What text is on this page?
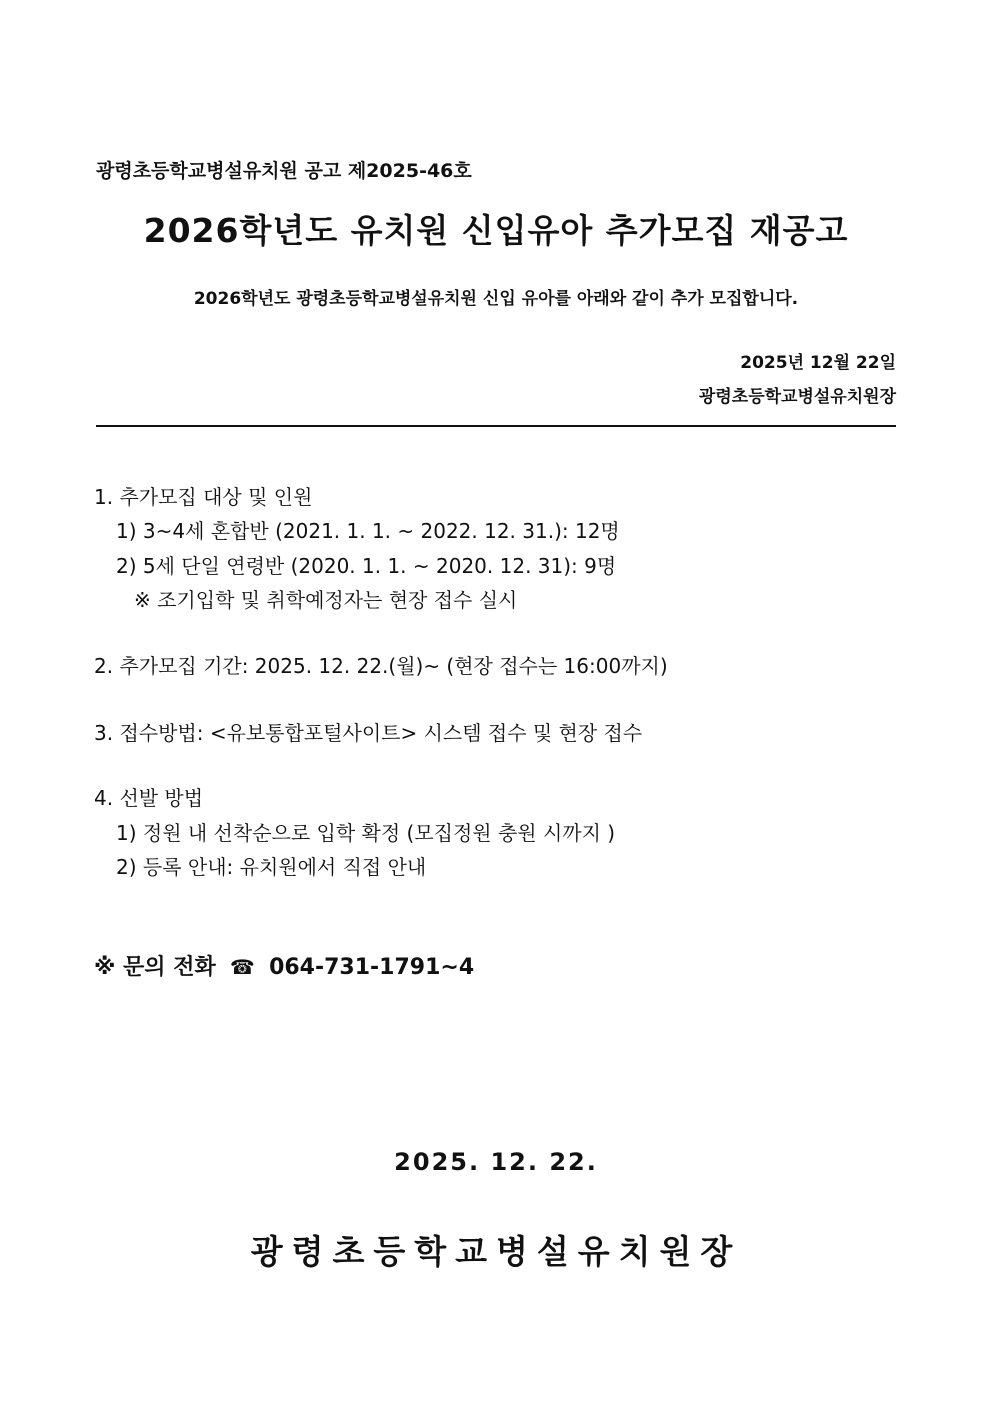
광령초등학교병설유치원 공고 제2025-46호
2026학년도 유치원 신입유아 추가모집 재공고
2026학년도 광령초등학교병설유치원 신입 유아를 아래와 같이 추가 모집합니다.
2025년 12월 22일
광령초등학교병설유치원장
1. 추가모집 대상 및 인원
1) 3~4세 혼합반 (2021. 1. 1. ~ 2022. 12. 31.): 12명
2) 5세 단일 연령반 (2020. 1. 1. ~ 2020. 12. 31): 9명
※ 조기입학 및 취학예정자는 현장 접수 실시
2. 추가모집 기간: 2025. 12. 22.(월)~ (현장 접수는 16:00까지)
3. 접수방법: <유보통합포털사이트> 시스템 접수 및 현장 접수
4. 선발 방법
1) 정원 내 선착순으로 입학 확정 (모집정원 충원 시까지 )
2) 등록 안내: 유치원에서 직접 안내
※ 문의 전화 ☎ 064-731-1791~4
2025. 12. 22.
광령초등학교병설유치원장
